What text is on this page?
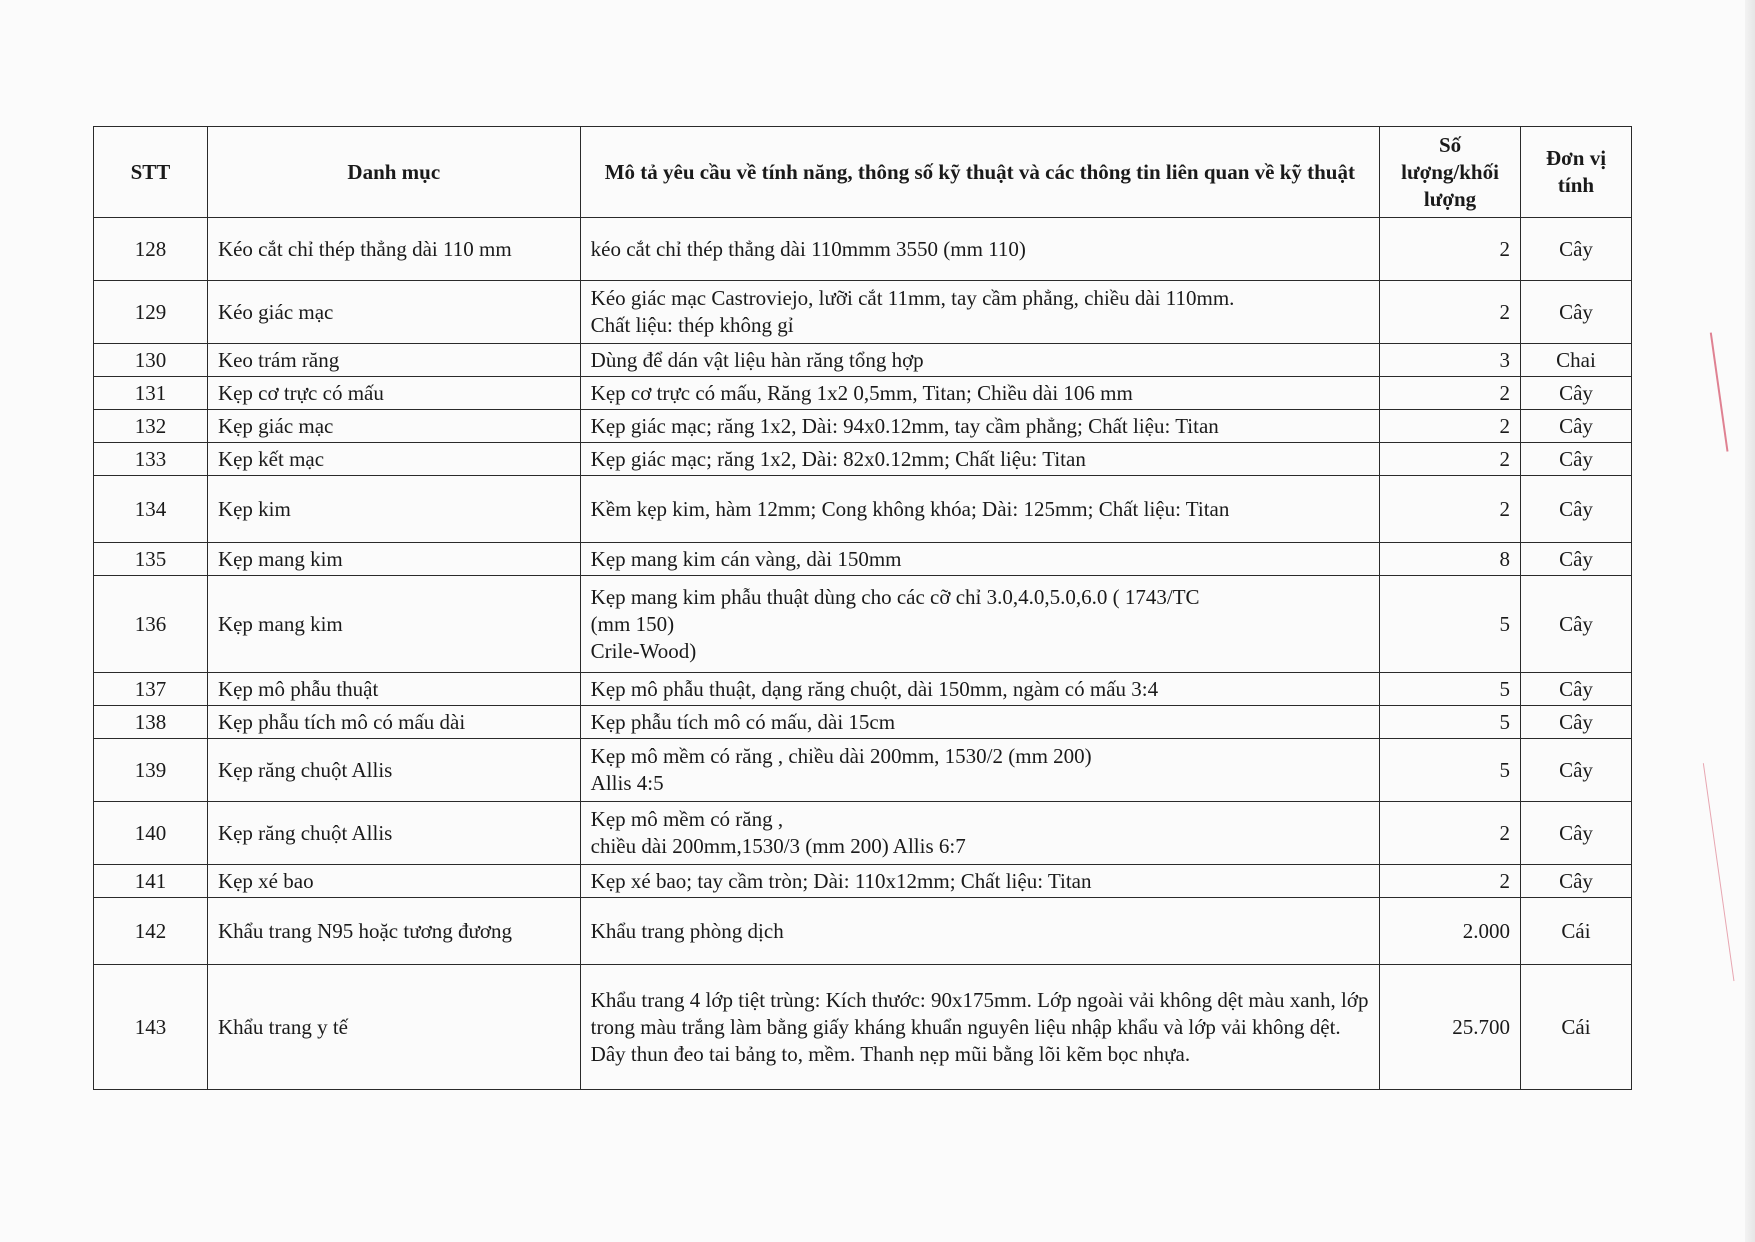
STT	Danh mục	Mô tả yêu cầu về tính năng, thông số kỹ thuật và các thông tin liên quan về kỹ thuật	Số lượng/khối lượng	Đơn vị tính
128	Kéo cắt chỉ thép thẳng dài 110 mm	kéo cắt chỉ thép thẳng dài 110mmm 3550 (mm 110)	2	Cây
129	Kéo giác mạc	Kéo giác mạc Castroviejo, lưỡi cắt 11mm, tay cầm phẳng, chiều dài 110mm.
Chất liệu: thép không gỉ	2	Cây
130	Keo trám răng	Dùng để dán vật liệu hàn răng tổng hợp	3	Chai
131	Kẹp cơ trực có mấu	Kẹp cơ trực có mấu, Răng 1x2 0,5mm, Titan; Chiều dài 106 mm	2	Cây
132	Kẹp giác mạc	Kẹp giác mạc; răng 1x2, Dài: 94x0.12mm, tay cầm phẳng; Chất liệu: Titan	2	Cây
133	Kẹp kết mạc	Kẹp giác mạc; răng 1x2, Dài: 82x0.12mm; Chất liệu: Titan	2	Cây
134	Kẹp kim	Kềm kẹp kim, hàm 12mm; Cong không khóa; Dài: 125mm; Chất liệu: Titan	2	Cây
135	Kẹp mang kim	Kẹp mang kim cán vàng, dài 150mm	8	Cây
136	Kẹp mang kim	Kẹp mang kim phẫu thuật dùng cho các cỡ chỉ 3.0,4.0,5.0,6.0 ( 1743/TC
(mm 150)
Crile-Wood)	5	Cây
137	Kẹp mô phẫu thuật	Kẹp mô phẫu thuật, dạng răng chuột, dài 150mm, ngàm có mấu 3:4	5	Cây
138	Kẹp phẫu tích mô có mấu dài	Kẹp phẫu tích mô có mấu, dài 15cm	5	Cây
139	Kẹp răng chuột Allis	Kẹp mô mềm có răng , chiều dài 200mm, 1530/2 (mm 200)
Allis 4:5	5	Cây
140	Kẹp răng chuột Allis	Kẹp mô mềm có răng ,
chiều dài 200mm,1530/3 (mm 200) Allis 6:7	2	Cây
141	Kẹp xé bao	Kẹp xé bao; tay cầm tròn; Dài: 110x12mm; Chất liệu: Titan	2	Cây
142	Khẩu trang N95 hoặc tương đương	Khẩu trang phòng dịch	2.000	Cái
143	Khẩu trang y tế	Khẩu trang 4 lớp tiệt trùng: Kích thước: 90x175mm. Lớp ngoài vải không dệt màu xanh, lớp trong màu trắng làm bằng giấy kháng khuẩn nguyên liệu nhập khẩu và lớp vải không dệt. Dây thun đeo tai bảng to, mềm. Thanh nẹp mũi bằng lõi kẽm bọc nhựa.	25.700	Cái
